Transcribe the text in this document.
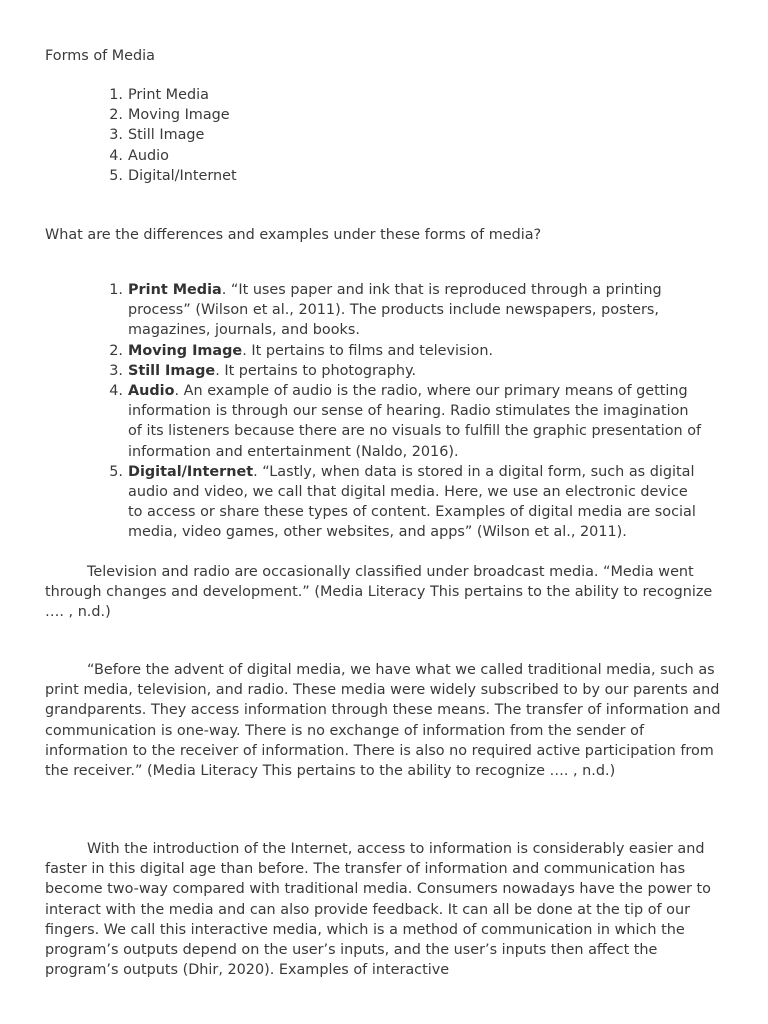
Forms of Media

1. Print Media
2. Moving Image
3. Still Image
4. Audio
5. Digital/Internet

What are the differences and examples under these forms of media?

1. Print Media. “It uses paper and ink that is reproduced through a printing process” (Wilson et al., 2011). The products include newspapers, posters, magazines, journals, and books.
2. Moving Image. It pertains to films and television.
3. Still Image. It pertains to photography.
4. Audio. An example of audio is the radio, where our primary means of getting information is through our sense of hearing. Radio stimulates the imagination of its listeners because there are no visuals to fulfill the graphic presentation of information and entertainment (Naldo, 2016).
5. Digital/Internet. “Lastly, when data is stored in a digital form, such as digital audio and video, we call that digital media. Here, we use an electronic device to access or share these types of content. Examples of digital media are social media, video games, other websites, and apps” (Wilson et al., 2011).

Television and radio are occasionally classified under broadcast media. “Media went through changes and development.” (Media Literacy This pertains to the ability to recognize …. , n.d.)

“Before the advent of digital media, we have what we called traditional media, such as print media, television, and radio. These media were widely subscribed to by our parents and grandparents. They access information through these means. The transfer of information and communication is one-way. There is no exchange of information from the sender of information to the receiver of information. There is also no required active participation from the receiver.” (Media Literacy This pertains to the ability to recognize …. , n.d.)

With the introduction of the Internet, access to information is considerably easier and faster in this digital age than before. The transfer of information and communication has become two-way compared with traditional media. Consumers nowadays have the power to interact with the media and can also provide feedback. It can all be done at the tip of our fingers. We call this interactive media, which is a method of communication in which the program’s outputs depend on the user’s inputs, and the user’s inputs then affect the program’s outputs (Dhir, 2020). Examples of interactive
